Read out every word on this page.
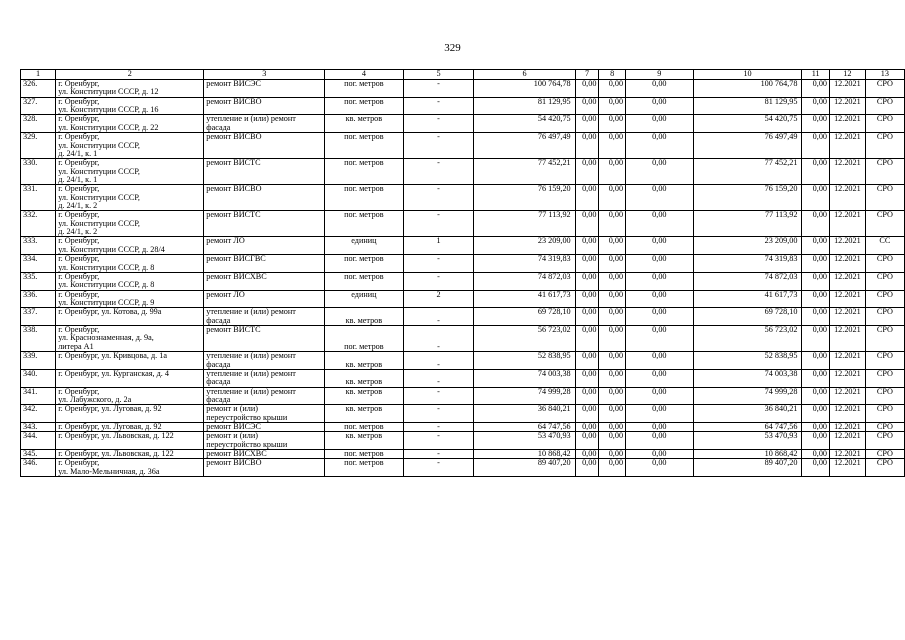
329
1	2	3	4	5	6	7	8	9	10	11	12	13
326.	г. Оренбург,
ул. Конституции СССР, д. 12	ремонт ВИСЭС	пог. метров	-	100 764,78	0,00	0,00	0,00	100 764,78	0,00	12.2021	СРО
327.	г. Оренбург,
ул. Конституции СССР, д. 16	ремонт ВИСВО	пог. метров	-	81 129,95	0,00	0,00	0,00	81 129,95	0,00	12.2021	СРО
328.	г. Оренбург,
ул. Конституции СССР, д. 22	утепление и (или) ремонт
фасада	кв. метров	-	54 420,75	0,00	0,00	0,00	54 420,75	0,00	12.2021	СРО
329.	г. Оренбург,
ул. Конституции СССР,
д. 24/1, к. 1	ремонт ВИСВО	пог. метров	-	76 497,49	0,00	0,00	0,00	76 497,49	0,00	12.2021	СРО
330.	г. Оренбург,
ул. Конституции СССР,
д. 24/1, к. 1	ремонт ВИСТС	пог. метров	-	77 452,21	0,00	0,00	0,00	77 452,21	0,00	12.2021	СРО
331.	г. Оренбург,
ул. Конституции СССР,
д. 24/1, к. 2	ремонт ВИСВО	пог. метров	-	76 159,20	0,00	0,00	0,00	76 159,20	0,00	12.2021	СРО
332.	г. Оренбург,
ул. Конституции СССР,
д. 24/1, к. 2	ремонт ВИСТС	пог. метров	-	77 113,92	0,00	0,00	0,00	77 113,92	0,00	12.2021	СРО
333.	г. Оренбург,
ул. Конституции СССР, д. 28/4	ремонт ЛО	единиц	1	23 209,00	0,00	0,00	0,00	23 209,00	0,00	12.2021	СС
334.	г. Оренбург,
ул. Конституции СССР, д. 8	ремонт ВИСГВС	пог. метров	-	74 319,83	0,00	0,00	0,00	74 319,83	0,00	12.2021	СРО
335.	г. Оренбург,
ул. Конституции СССР, д. 8	ремонт ВИСХВС	пог. метров	-	74 872,03	0,00	0,00	0,00	74 872,03	0,00	12.2021	СРО
336.	г. Оренбург,
ул. Конституции СССР, д. 9	ремонт ЛО	единиц	2	41 617,73	0,00	0,00	0,00	41 617,73	0,00	12.2021	СРО
337.	г. Оренбург, ул. Котова, д. 99а	утепление и (или) ремонт
фасада	кв. метров	-	69 728,10	0,00	0,00	0,00	69 728,10	0,00	12.2021	СРО
338.	г. Оренбург,
ул. Краснознаменная, д. 9а,
литера А1	ремонт ВИСТС	пог. метров	-	56 723,02	0,00	0,00	0,00	56 723,02	0,00	12.2021	СРО
339.	г. Оренбург, ул. Кривцова, д. 1а	утепление и (или) ремонт
фасада	кв. метров	-	52 838,95	0,00	0,00	0,00	52 838,95	0,00	12.2021	СРО
340.	г. Оренбург, ул. Курганская, д. 4	утепление и (или) ремонт
фасада	кв. метров	-	74 003,38	0,00	0,00	0,00	74 003,38	0,00	12.2021	СРО
341.	г. Оренбург,
ул. Лабужского, д. 2а	утепление и (или) ремонт
фасада	кв. метров	-	74 999,28	0,00	0,00	0,00	74 999,28	0,00	12.2021	СРО
342.	г. Оренбург, ул. Луговая, д. 92	ремонт и (или)
переустройство крыши	кв. метров	-	36 840,21	0,00	0,00	0,00	36 840,21	0,00	12.2021	СРО
343.	г. Оренбург, ул. Луговая, д. 92	ремонт ВИСЭС	пог. метров	-	64 747,56	0,00	0,00	0,00	64 747,56	0,00	12.2021	СРО
344.	г. Оренбург, ул. Львовская, д. 122	ремонт и (или)
переустройство крыши	кв. метров	-	53 470,93	0,00	0,00	0,00	53 470,93	0,00	12.2021	СРО
345.	г. Оренбург, ул. Львовская, д. 122	ремонт ВИСХВС	пог. метров	-	10 868,42	0,00	0,00	0,00	10 868,42	0,00	12.2021	СРО
346.	г. Оренбург,
ул. Мало-Мельничная, д. 36а	ремонт ВИСВО	пог. метров	-	89 407,20	0,00	0,00	0,00	89 407,20	0,00	12.2021	СРО
